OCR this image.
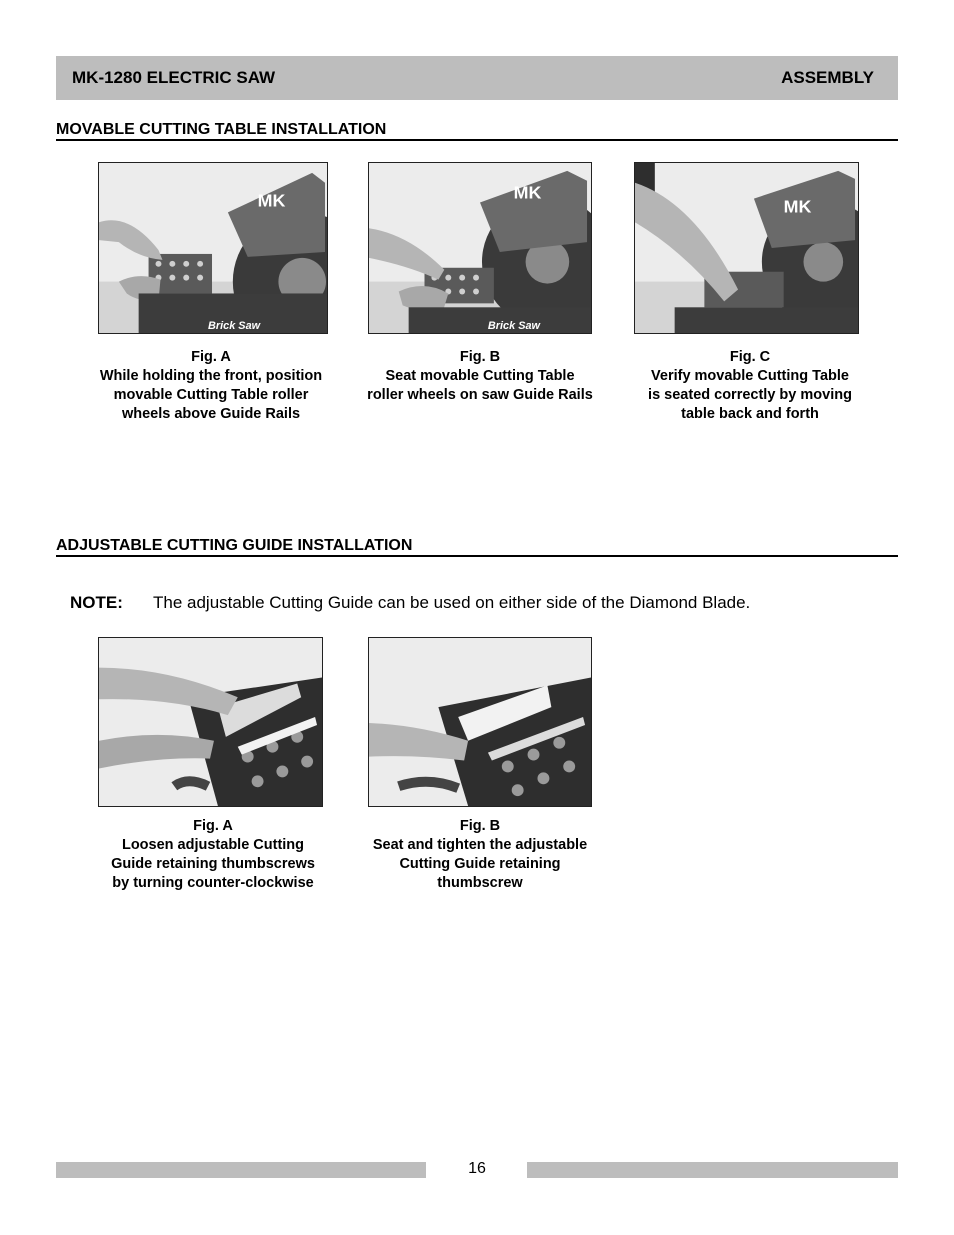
MK-1280 ELECTRIC SAW	ASSEMBLY
MOVABLE CUTTING TABLE INSTALLATION
MK
Brick Saw
MK
Brick Saw
MK
Fig. A
While holding the front, position
movable Cutting Table roller
wheels above Guide Rails
Fig. B
Seat movable Cutting Table
roller wheels on saw Guide Rails
Fig. C
Verify movable Cutting Table
is seated correctly by moving
table back and forth
ADJUSTABLE CUTTING GUIDE INSTALLATION
NOTE: The adjustable Cutting Guide can be used on either side of the Diamond Blade.
Fig. A
Loosen adjustable Cutting
Guide retaining thumbscrews
by turning counter-clockwise
Fig. B
Seat and tighten the adjustable
Cutting Guide retaining
thumbscrew
16
